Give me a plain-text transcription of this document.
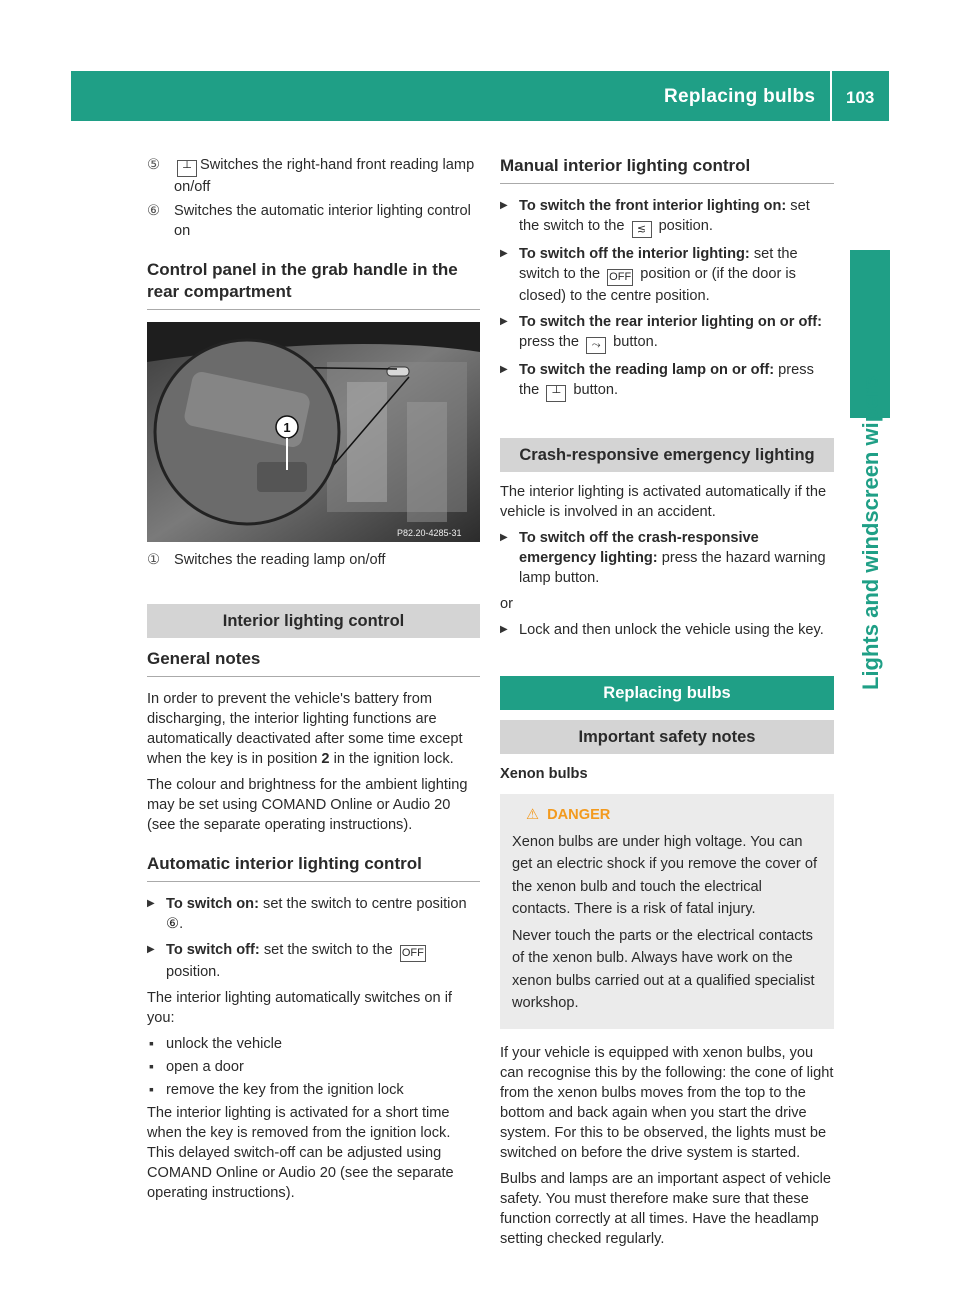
Replacing bulbs 103
Lights and windscreen wipers
⑤	┴ Switches the right-hand front reading lamp on/off
⑥ Switches the automatic interior lighting control on
Control panel in the grab handle in the rear compartment
1
P82.20-4285-31
① Switches the reading lamp on/off
Interior lighting control
General notes

In order to prevent the vehicle's battery from discharging, the interior lighting functions are automatically deactivated after some time except when the key is in position 2 in the ignition lock.

The colour and brightness for the ambient lighting may be set using COMAND Online or Audio 20 (see the separate operating instructions).

Automatic interior lighting control
▶ To switch on: set the switch to centre position ⑥.
▶ To switch off: set the switch to the OFF position.

The interior lighting automatically switches on if you:

▪ unlock the vehicle
▪ open a door
▪ remove the key from the ignition lock

The interior lighting is activated for a short time when the key is removed from the ignition lock. This delayed switch-off can be adjusted using COMAND Online or Audio 20 (see the separate operating instructions).

Manual interior lighting control
▶ To switch the front interior lighting on: set the switch to the ≲ position.
▶ To switch off the interior lighting: set the switch to the OFF position or (if the door is closed) to the centre position.
▶ To switch the rear interior lighting on or off: press the ⤳ button.
▶ To switch the reading lamp on or off: press the ┴ button.
Crash-responsive emergency lighting

The interior lighting is activated automatically if the vehicle is involved in an accident.

▶ To switch off the crash-responsive emergency lighting: press the hazard warning lamp button.

or

▶ Lock and then unlock the vehicle using the key.
Replacing bulbs
Important safety notes

Xenon bulbs

⚠ DANGER

Xenon bulbs are under high voltage. You can get an electric shock if you remove the cover of the xenon bulb and touch the electrical contacts. There is a risk of fatal injury.

Never touch the parts or the electrical contacts of the xenon bulb. Always have work on the xenon bulbs carried out at a qualified specialist workshop.

If your vehicle is equipped with xenon bulbs, you can recognise this by the following: the cone of light from the xenon bulbs moves from the top to the bottom and back again when you start the drive system. For this to be observed, the lights must be switched on before the drive system is started.

Bulbs and lamps are an important aspect of vehicle safety. You must therefore make sure that these function correctly at all times. Have the headlamp setting checked regularly.
